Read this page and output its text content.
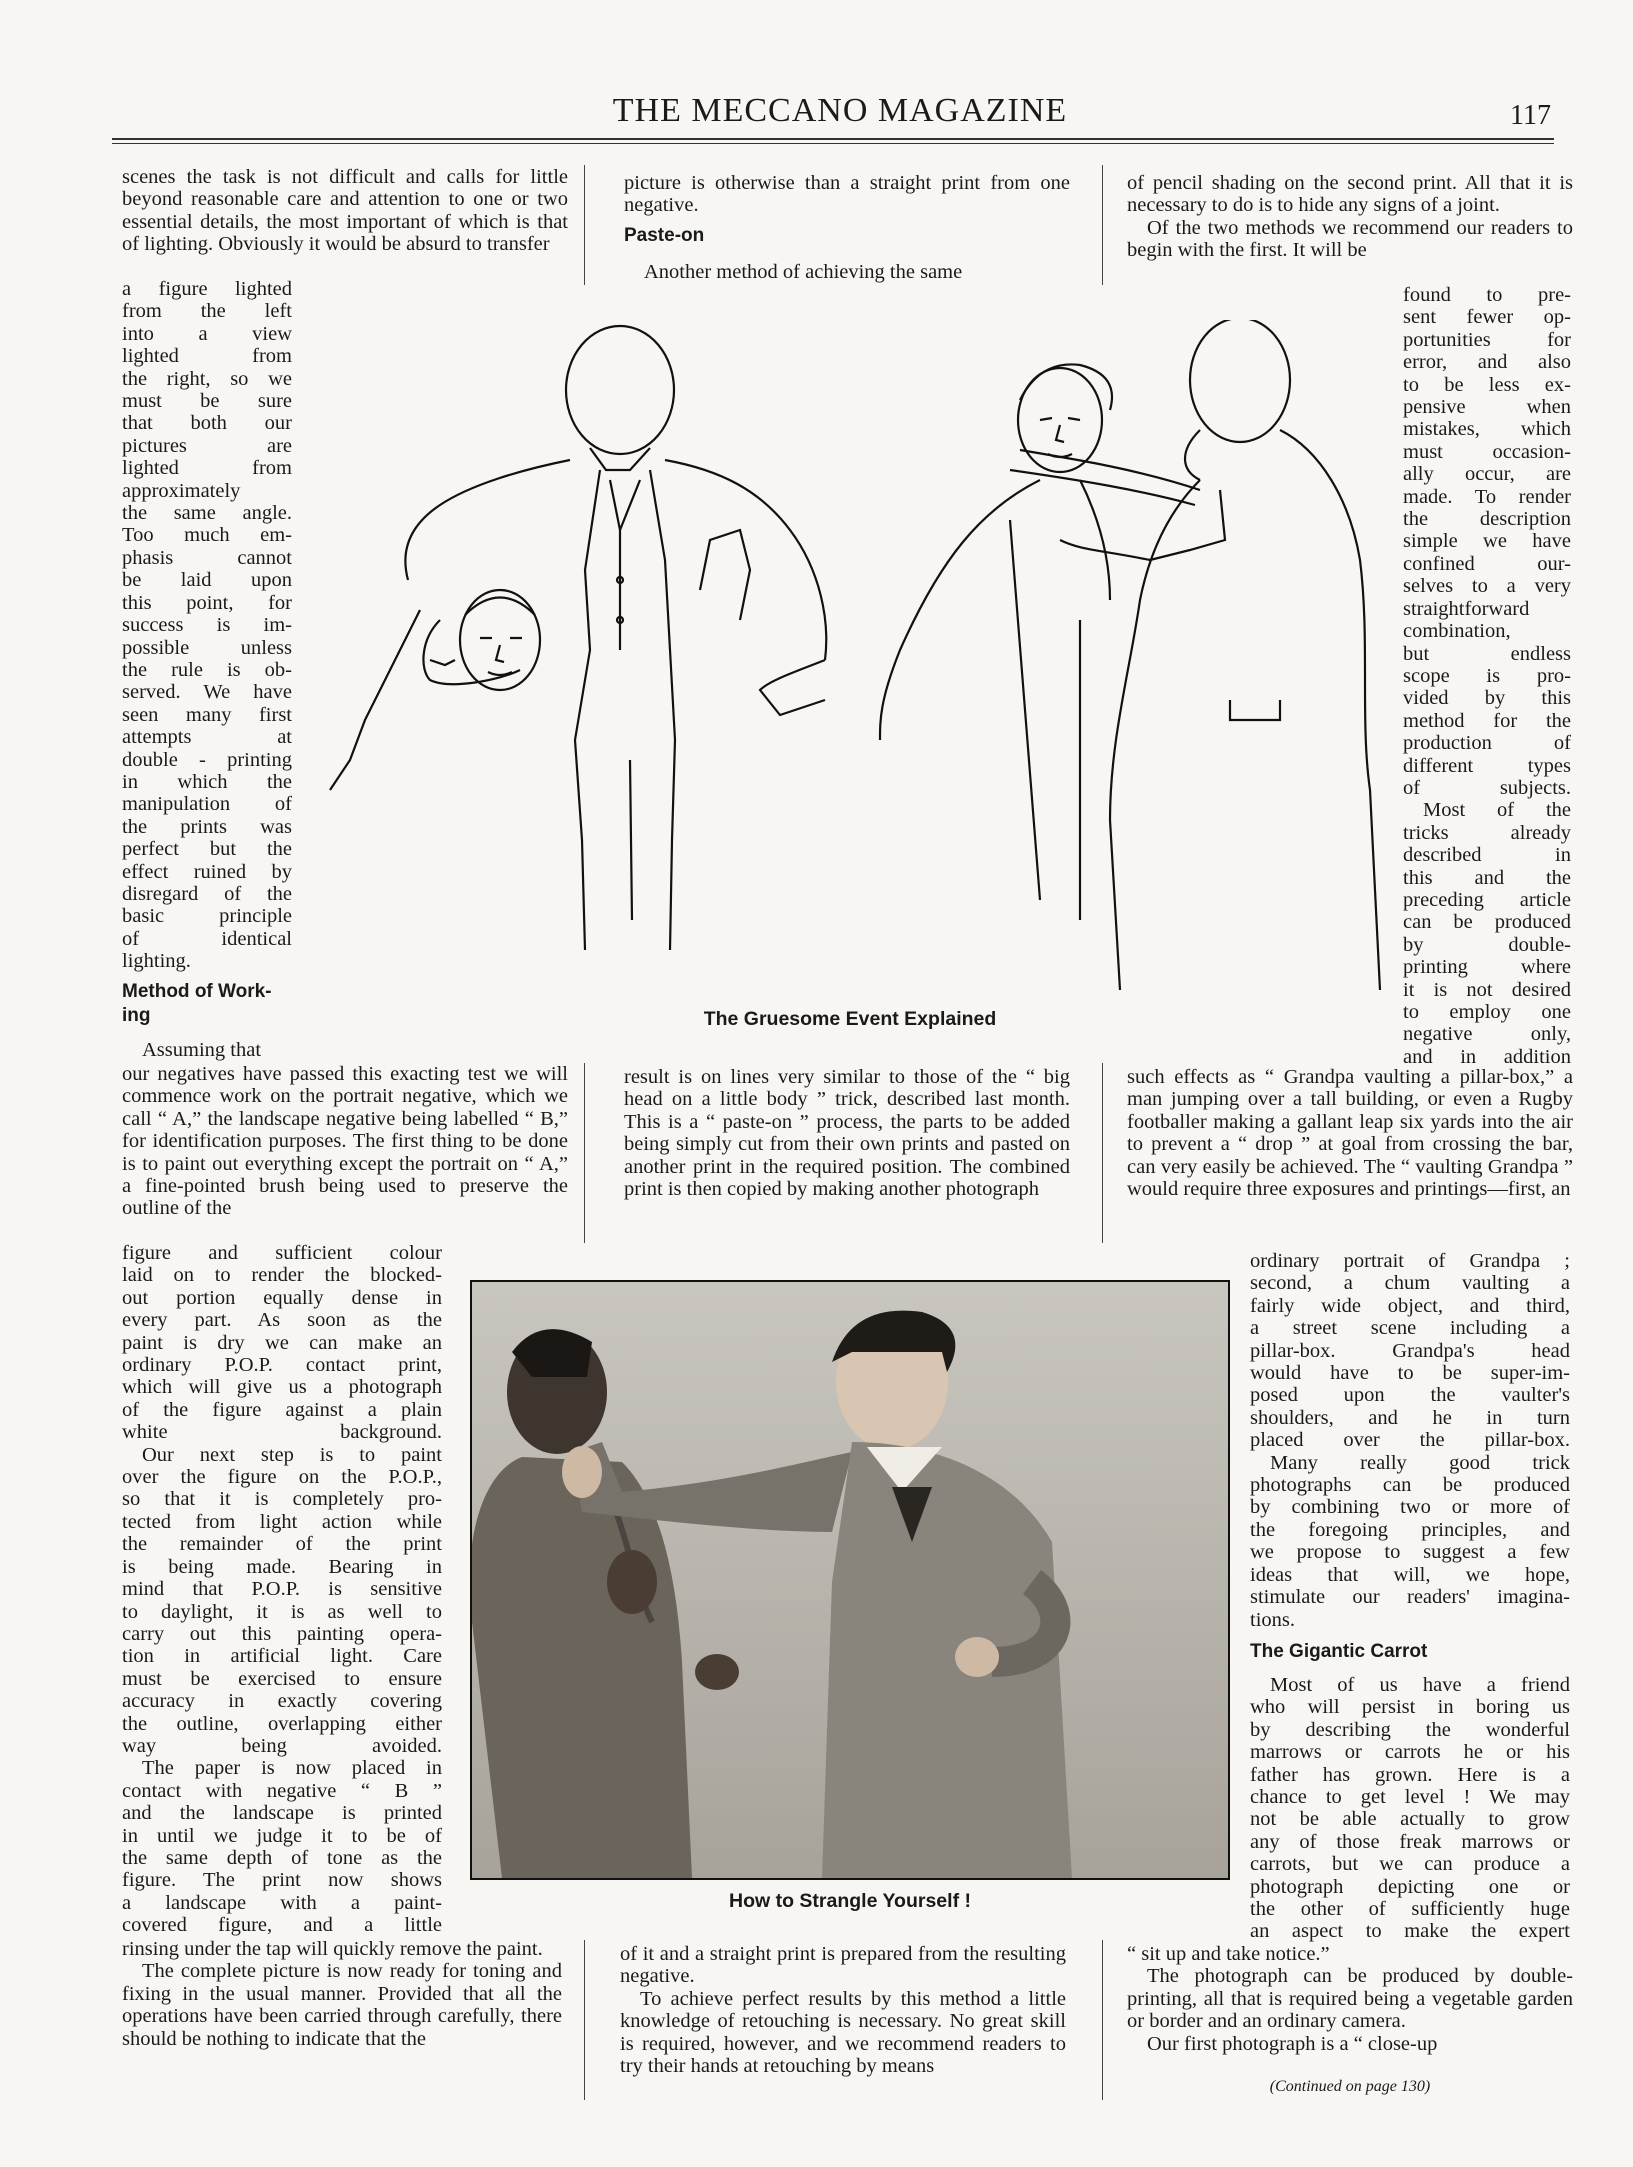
THE MECCANO MAGAZINE	117

scenes the task is not difficult and calls for little beyond reasonable care and attention to one or two essential details, the most important of which is that of lighting. Obviously it would be absurd to transfer

a figure lighted
from the left
into a view
lighted from
the right, so we
must be sure
that both our
pictures are
lighted from
approximately
the same angle.
Too much em-
phasis cannot
be laid upon
this point, for
success is im-
possible unless
the rule is ob-
served. We have
seen many first
attempts at
double - printing
in which the
manipulation of
the prints was
perfect but the
effect ruined by
disregard of the
basic principle
of identical
lighting.
Method of Work-
ing
Assuming that

our negatives have passed this exacting test we will commence work on the portrait negative, which we call “ A,” the landscape negative being labelled “ B,” for identification purposes. The first thing to be done is to paint out everything except the portrait on “ A,” a fine-pointed brush being used to preserve the outline of the

figure and sufficient colour
laid on to render the blocked-
out portion equally dense in
every part. As soon as the
paint is dry we can make an
ordinary P.O.P. contact print,
which will give us a photograph
of the figure against a plain
white background.
Our next step is to paint
over the figure on the P.O.P.,
so that it is completely pro-
tected from light action while
the remainder of the print
is being made. Bearing in
mind that P.O.P. is sensitive
to daylight, it is as well to
carry out this painting opera-
tion in artificial light. Care
must be exercised to ensure
accuracy in exactly covering
the outline, overlapping either
way being avoided.
The paper is now placed in
contact with negative “ B ”
and the landscape is printed
in until we judge it to be of
the same depth of tone as the
figure. The print now shows
a landscape with a paint-
covered figure, and a little

rinsing under the tap will quickly remove the paint.

The complete picture is now ready for toning and fixing in the usual manner. Provided that all the operations have been carried through carefully, there should be nothing to indicate that the

picture is otherwise than a straight print from one negative.

Paste-on

Another method of achieving the same

result is on lines very similar to those of the “ big head on a little body ” trick, described last month. This is a “ paste-on ” process, the parts to be added being simply cut from their own prints and pasted on another print in the required position. The combined print is then copied by making another photograph

of it and a straight print is prepared from the resulting negative.

To achieve perfect results by this method a little knowledge of retouching is necessary. No great skill is required, however, and we recommend readers to try their hands at retouching by means

of pencil shading on the second print. All that it is necessary to do is to hide any signs of a joint.

Of the two methods we recommend our readers to begin with the first. It will be

found to pre-
sent fewer op-
portunities for
error, and also
to be less ex-
pensive when
mistakes, which
must occasion-
ally occur, are
made. To render
the description
simple we have
confined our-
selves to a very
straightforward
combination,
but endless
scope is pro-
vided by this
method for the
production of
different types
of subjects.
Most of the
tricks already
described in
this and the
preceding article
can be produced
by double-
printing where
it is not desired
to employ one
negative only,
and in addition

such effects as “ Grandpa vaulting a pillar-box,” a man jumping over a tall building, or even a Rugby footballer making a gallant leap six yards into the air to prevent a “ drop ” at goal from crossing the bar, can very easily be achieved. The “ vaulting Grandpa ” would require three exposures and printings—first, an

ordinary portrait of Grandpa ;
second, a chum vaulting a
fairly wide object, and third,
a street scene including a
pillar-box. Grandpa's head
would have to be super-im-
posed upon the vaulter's
shoulders, and he in turn
placed over the pillar-box.
Many really good trick
photographs can be produced
by combining two or more of
the foregoing principles, and
we propose to suggest a few
ideas that will, we hope,
stimulate our readers' imagina-
tions.
The Gigantic Carrot
Most of us have a friend
who will persist in boring us
by describing the wonderful
marrows or carrots he or his
father has grown. Here is a
chance to get level ! We may
not be able actually to grow
any of those freak marrows or
carrots, but we can produce a
photograph depicting one or
the other of sufficiently huge
an aspect to make the expert

“ sit up and take notice.”

The photograph can be produced by double-printing, all that is required being a vegetable garden or border and an ordinary camera.

Our first photograph is a “ close-up

(Continued on page 130)
The Gruesome Event Explained
How to Strangle Yourself !
